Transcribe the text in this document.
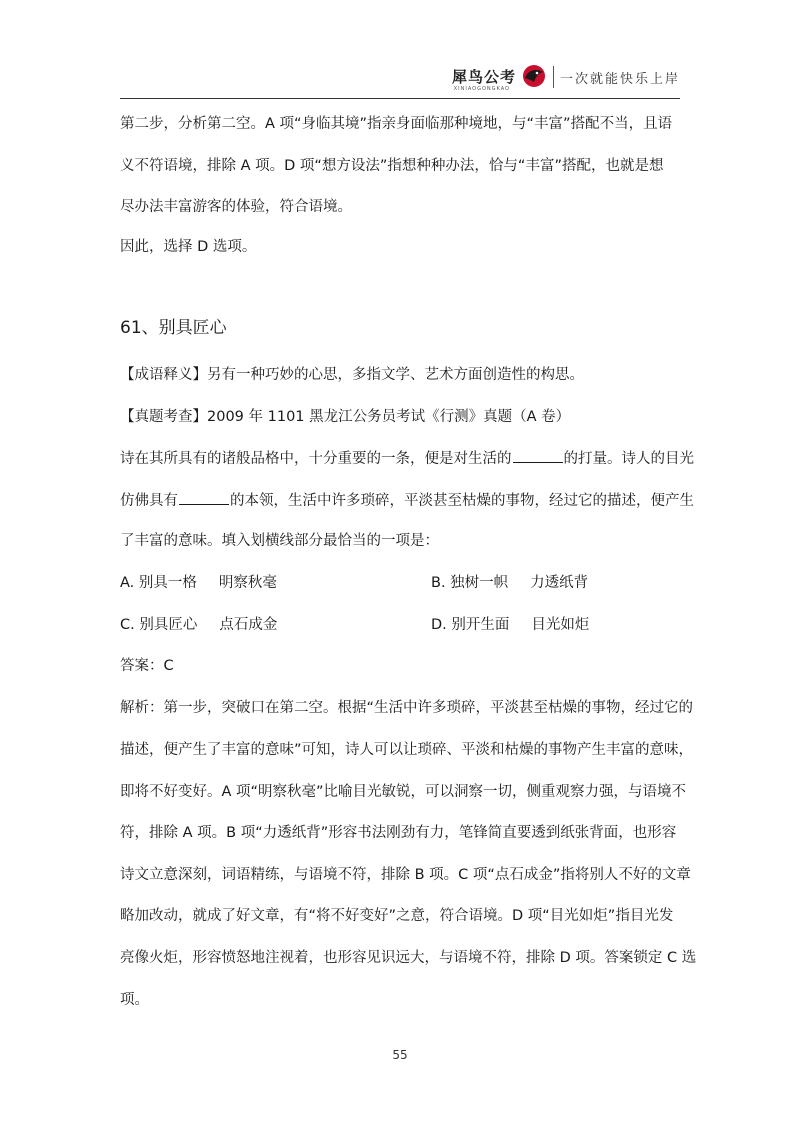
犀鸟公考
XINIAOGONGKAO
一次就能快乐上岸
第二步，分析第二空。A 项“身临其境”指亲身面临那种境地，与“丰富”搭配不当，且语
义不符语境，排除 A 项。D 项“想方设法”指想种种办法，恰与“丰富”搭配，也就是想
尽办法丰富游客的体验，符合语境。
因此，选择 D 选项。
61、别具匠心
【成语释义】另有一种巧妙的心思，多指文学、艺术方面创造性的构思。
【真题考查】2009 年 1101 黑龙江公务员考试《行测》真题（A 卷）
诗在其所具有的诸般品格中，十分重要的一条，便是对生活的	的打量。诗人的目光
仿佛具有	的本领，生活中许多琐碎，平淡甚至枯燥的事物，经过它的描述，便产生
了丰富的意味。填入划横线部分最恰当的一项是：
A. 别具一格 明察秋毫	B. 独树一帜 力透纸背
C. 别具匠心 点石成金	D. 别开生面 目光如炬
答案：C
解析：第一步，突破口在第二空。根据“生活中许多琐碎，平淡甚至枯燥的事物，经过它的
描述，便产生了丰富的意味”可知，诗人可以让琐碎、平淡和枯燥的事物产生丰富的意味，
即将不好变好。A 项“明察秋毫”比喻目光敏锐，可以洞察一切，侧重观察力强，与语境不
符，排除 A 项。B 项“力透纸背”形容书法刚劲有力，笔锋简直要透到纸张背面，也形容
诗文立意深刻，词语精练，与语境不符，排除 B 项。C 项“点石成金”指将别人不好的文章
略加改动，就成了好文章，有“将不好变好”之意，符合语境。D 项“目光如炬”指目光发
亮像火炬，形容愤怒地注视着，也形容见识远大，与语境不符，排除 D 项。答案锁定 C 选
项。
55
